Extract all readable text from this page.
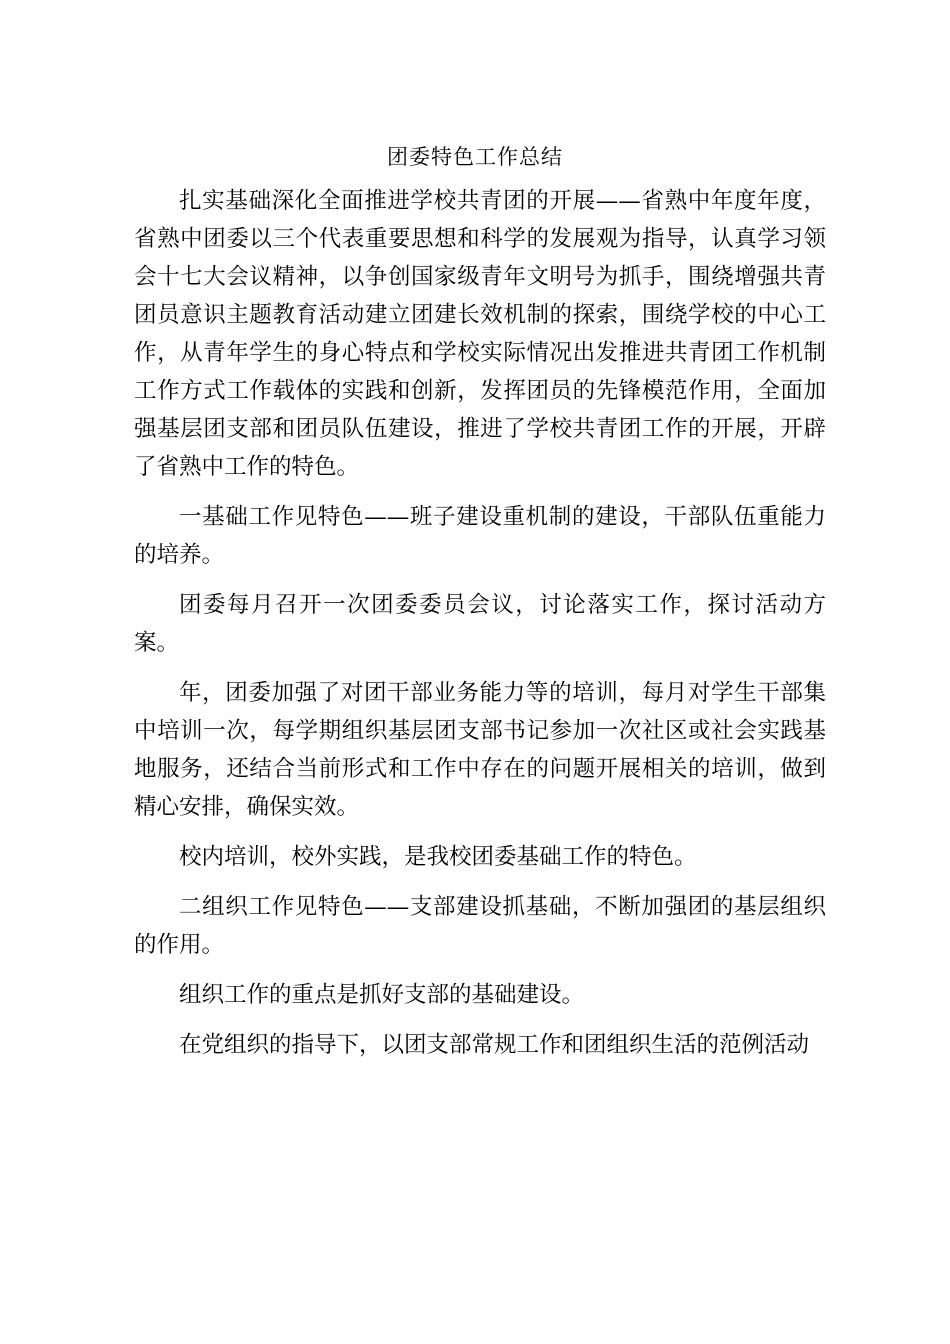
团委特色工作总结

扎实基础深化全面推进学校共青团的开展——省熟中年度年度，省熟中团委以三个代表重要思想和科学的发展观为指导，认真学习领会十七大会议精神，以争创国家级青年文明号为抓手，围绕增强共青团员意识主题教育活动建立团建长效机制的探索，围绕学校的中心工作，从青年学生的身心特点和学校实际情况出发推进共青团工作机制工作方式工作载体的实践和创新，发挥团员的先锋模范作用，全面加强基层团支部和团员队伍建设，推进了学校共青团工作的开展，开辟了省熟中工作的特色。

一基础工作见特色——班子建设重机制的建设，干部队伍重能力的培养。

团委每月召开一次团委委员会议，讨论落实工作，探讨活动方案。

年，团委加强了对团干部业务能力等的培训，每月对学生干部集中培训一次，每学期组织基层团支部书记参加一次社区或社会实践基地服务，还结合当前形式和工作中存在的问题开展相关的培训，做到精心安排，确保实效。

校内培训，校外实践，是我校团委基础工作的特色。

二组织工作见特色——支部建设抓基础，不断加强团的基层组织的作用。

组织工作的重点是抓好支部的基础建设。

在党组织的指导下，以团支部常规工作和团组织生活的范例活动
